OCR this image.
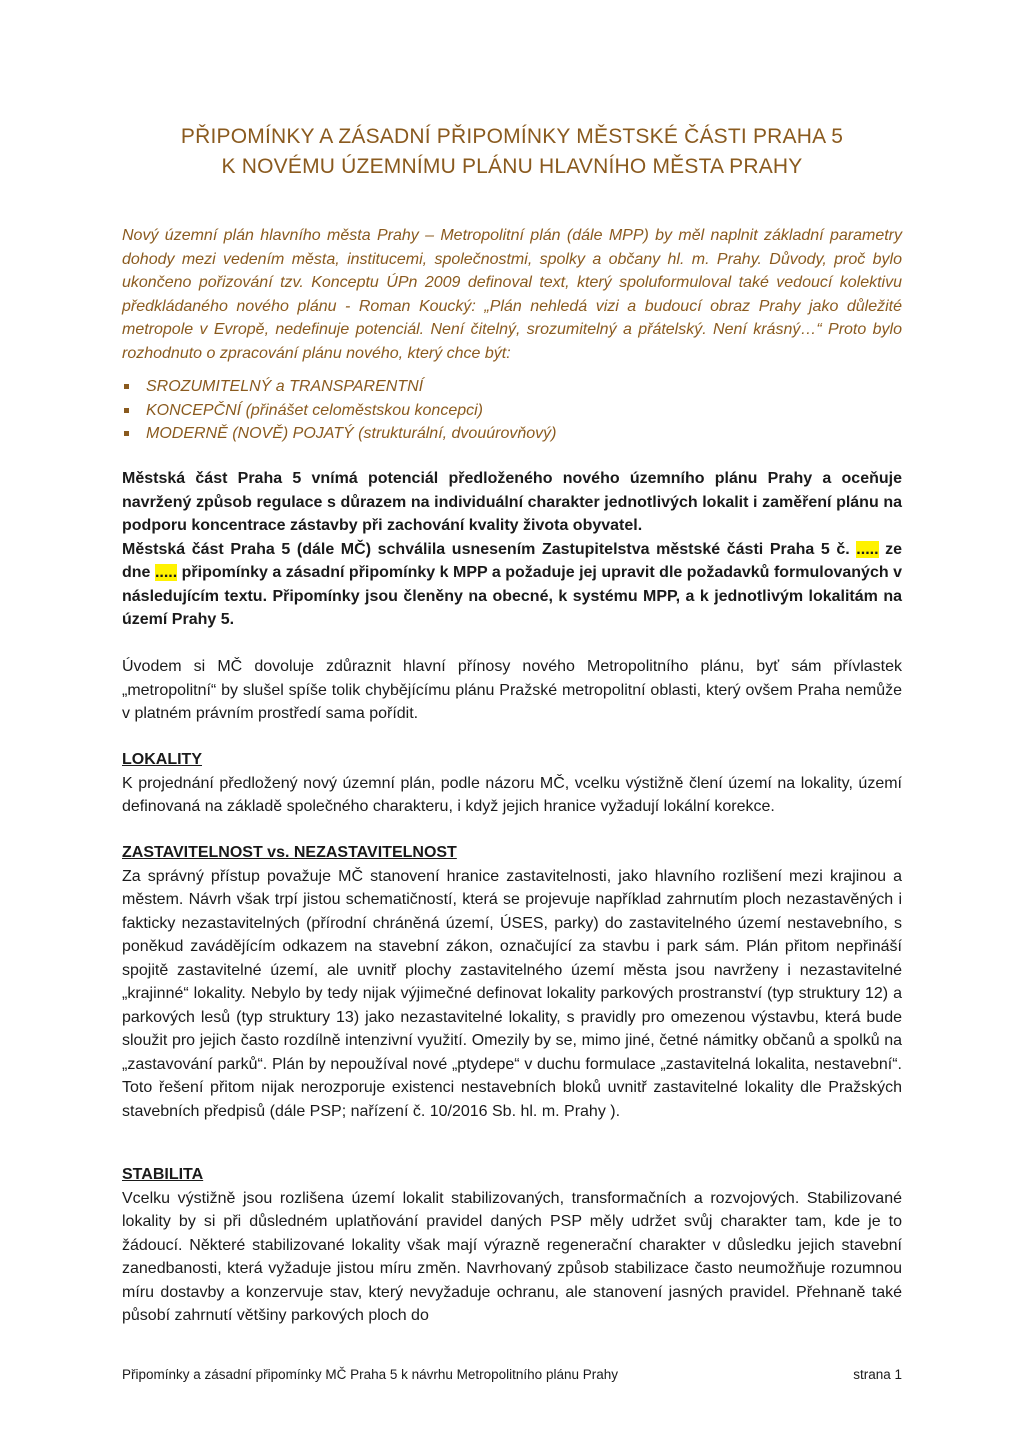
PŘIPOMÍNKY A ZÁSADNÍ PŘIPOMÍNKY MĚSTSKÉ ČÁSTI PRAHA 5
K NOVÉMU ÚZEMNÍMU PLÁNU HLAVNÍHO MĚSTA PRAHY
Nový územní plán hlavního města Prahy – Metropolitní plán (dále MPP) by měl naplnit základní parametry dohody mezi vedením města, institucemi, společnostmi, spolky a občany hl. m. Prahy. Důvody, proč bylo ukončeno pořizování tzv. Konceptu ÚPn 2009 definoval text, který spoluformuloval také vedoucí kolektivu předkládaného nového plánu - Roman Koucký: „Plán nehledá vizi a budoucí obraz Prahy jako důležité metropole v Evropě, nedefinuje potenciál. Není čitelný, srozumitelný a přátelský. Není krásný…“ Proto bylo rozhodnuto o zpracování plánu nového, který chce být:
SROZUMITELNÝ a TRANSPARENTNÍ
KONCEPČNÍ (přinášet celoměstskou koncepci)
MODERNĚ (NOVĚ) POJATÝ (strukturální, dvouúrovňový)
Městská část Praha 5 vnímá potenciál předloženého nového územního plánu Prahy a oceňuje navržený způsob regulace s důrazem na individuální charakter jednotlivých lokalit i zaměření plánu na podporu koncentrace zástavby při zachování kvality života obyvatel.
Městská část Praha 5 (dále MČ) schválila usnesením Zastupitelstva městské části Praha 5 č. ..... ze dne ..... připomínky a zásadní připomínky k MPP a požaduje jej upravit dle požadavků formulovaných v následujícím textu. Připomínky jsou členěny na obecné, k systému MPP, a k jednotlivým lokalitám na území Prahy 5.
Úvodem si MČ dovoluje zdůraznit hlavní přínosy nového Metropolitního plánu, byť sám přívlastek „metropolitní“ by slušel spíše tolik chybějícímu plánu Pražské metropolitní oblasti, který ovšem Praha nemůže v platném právním prostředí sama pořídit.
LOKALITY
K projednání předložený nový územní plán, podle názoru MČ, vcelku výstižně člení území na lokality, území definovaná na základě společného charakteru, i když jejich hranice vyžadují lokální korekce.
ZASTAVITELNOST vs. NEZASTAVITELNOST
Za správný přístup považuje MČ stanovení hranice zastavitelnosti, jako hlavního rozlišení mezi krajinou a městem. Návrh však trpí jistou schematičností, která se projevuje například zahrnutím ploch nezastavěných i fakticky nezastavitelných (přírodní chráněná území, ÚSES, parky) do zastavitelného území nestavebního, s poněkud zavádějícím odkazem na stavební zákon, označující za stavbu i park sám. Plán přitom nepřináší spojitě zastavitelné území, ale uvnitř plochy zastavitelného území města jsou navrženy i nezastavitelné „krajinné“ lokality. Nebylo by tedy nijak výjimečné definovat lokality parkových prostranství (typ struktury 12) a parkových lesů (typ struktury 13) jako nezastavitelné lokality, s pravidly pro omezenou výstavbu, která bude sloužit pro jejich často rozdílně intenzivní využití. Omezily by se, mimo jiné, četné námitky občanů a spolků na „zastavování parků“. Plán by nepoužíval nové „ptydepe“ v duchu formulace „zastavitelná lokalita, nestavební“. Toto řešení přitom nijak nerozporuje existenci nestavebních bloků uvnitř zastavitelné lokality dle Pražských stavebních předpisů (dále PSP; nařízení č. 10/2016 Sb. hl. m. Prahy ).
STABILITA
Vcelku výstižně jsou rozlišena území lokalit stabilizovaných, transformačních a rozvojových. Stabilizované lokality by si při důsledném uplatňování pravidel daných PSP měly udržet svůj charakter tam, kde je to žádoucí. Některé stabilizované lokality však mají výrazně regenerační charakter v důsledku jejich stavební zanedbanosti, která vyžaduje jistou míru změn. Navrhovaný způsob stabilizace často neumožňuje rozumnou míru dostavby a konzervuje stav, který nevyžaduje ochranu, ale stanovení jasných pravidel. Přehnaně také působí zahrnutí většiny parkových ploch do
Připomínky a zásadní připomínky MČ Praha 5 k návrhu Metropolitního plánu Prahy	strana 1
